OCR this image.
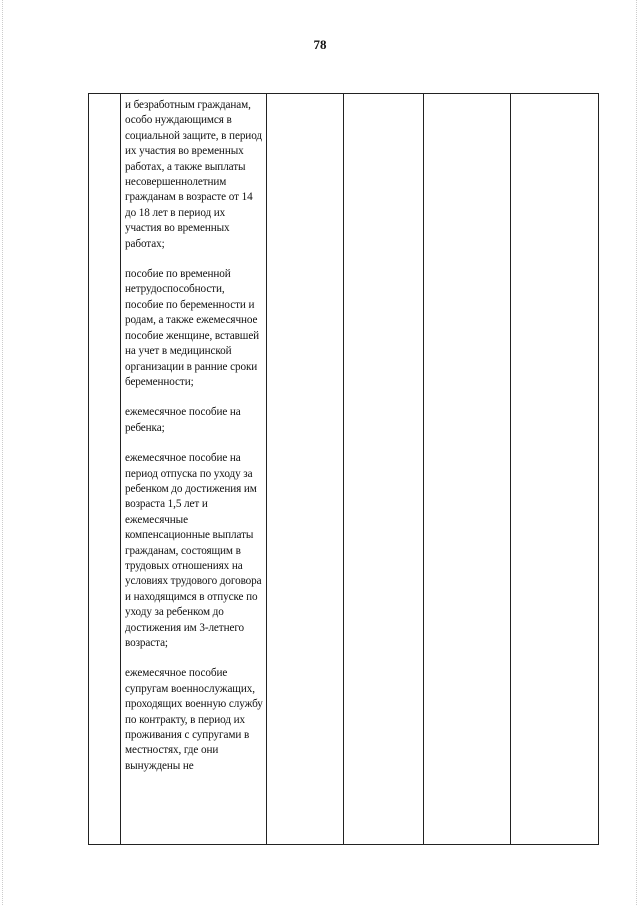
78

и безработным гражданам, особо нуждающимся в социальной защите, в период их участия во временных работах, а также выплаты несовершеннолетним гражданам в возрасте от 14 до 18 лет в период их участия во временных работах;

пособие по временной нетрудоспособности, пособие по беременности и родам, а также ежемесячное пособие женщине, вставшей на учет в медицинской организации в ранние сроки беременности;

ежемесячное пособие на ребенка;

ежемесячное пособие на период отпуска по уходу за ребенком до достижения им возраста 1,5 лет и ежемесячные компенсационные выплаты гражданам, состоящим в трудовых отношениях на условиях трудового договора и находящимся в отпуске по уходу за ребенком до достижения им 3-летнего возраста;

ежемесячное пособие супругам военнослужащих, проходящих военную службу по контракту, в период их проживания с супругами в местностях, где они вынуждены не
